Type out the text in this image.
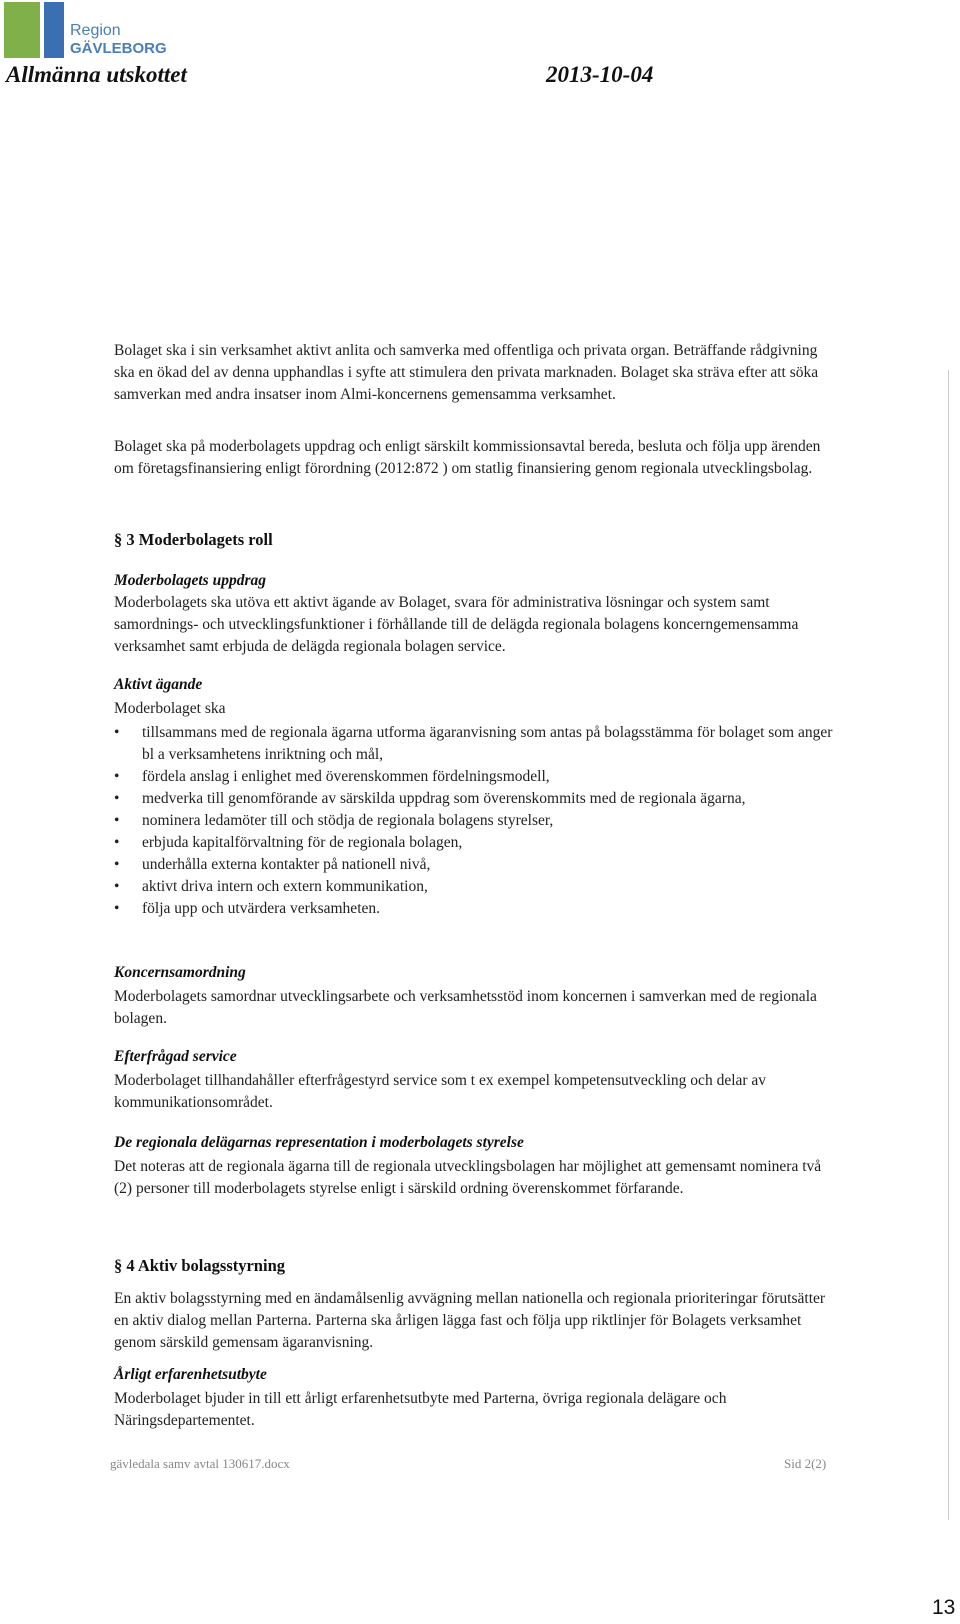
Region
GÄVLEBORG
Allmänna utskottet	2013-10-04

Bolaget ska i sin verksamhet aktivt anlita och samverka med offentliga och privata organ. Beträffande rådgivning ska en ökad del av denna upphandlas i syfte att stimulera den privata marknaden. Bolaget ska sträva efter att söka samverkan med andra insatser inom Almi-koncernens gemensamma verksamhet.

Bolaget ska på moderbolagets uppdrag och enligt särskilt kommissionsavtal bereda, besluta och följa upp ärenden om företagsfinansiering enligt förordning (2012:872 ) om statlig finansiering genom regionala utvecklingsbolag.

§ 3 Moderbolagets roll
Moderbolagets uppdrag
Moderbolagets ska utöva ett aktivt ägande av Bolaget, svara för administrativa lösningar och system samt samordnings- och utvecklingsfunktioner i förhållande till de delägda regionala bolagens koncerngemensamma verksamhet samt erbjuda de delägda regionala bolagen service.
Aktivt ägande
Moderbolaget ska
• tillsammans med de regionala ägarna utforma ägaranvisning som antas på bolagsstämma för bolaget som anger bl a verksamhetens inriktning och mål,
• fördela anslag i enlighet med överenskommen fördelningsmodell,
• medverka till genomförande av särskilda uppdrag som överenskommits med de regionala ägarna,
• nominera ledamöter till och stödja de regionala bolagens styrelser,
• erbjuda kapitalförvaltning för de regionala bolagen,
• underhålla externa kontakter på nationell nivå,
• aktivt driva intern och extern kommunikation,
• följa upp och utvärdera verksamheten.
Koncernsamordning
Moderbolagets samordnar utvecklingsarbete och verksamhetsstöd inom koncernen i samverkan med de regionala bolagen.
Efterfrågad service
Moderbolaget tillhandahåller efterfrågestyrd service som t ex exempel kompetensutveckling och delar av kommunikationsområdet.
De regionala delägarnas representation i moderbolagets styrelse
Det noteras att de regionala ägarna till de regionala utvecklingsbolagen har möjlighet att gemensamt nominera två (2) personer till moderbolagets styrelse enligt i särskild ordning överenskommet förfarande.
§ 4 Aktiv bolagsstyrning
En aktiv bolagsstyrning med en ändamålsenlig avvägning mellan nationella och regionala prioriteringar förutsätter en aktiv dialog mellan Parterna. Parterna ska årligen lägga fast och följa upp riktlinjer för Bolagets verksamhet genom särskild gemensam ägaranvisning.
Årligt erfarenhetsutbyte
Moderbolaget bjuder in till ett årligt erfarenhetsutbyte med Parterna, övriga regionala delägare och Näringsdepartementet.
gävledala samv avtal 130617.docx	Sid 2(2)
13
